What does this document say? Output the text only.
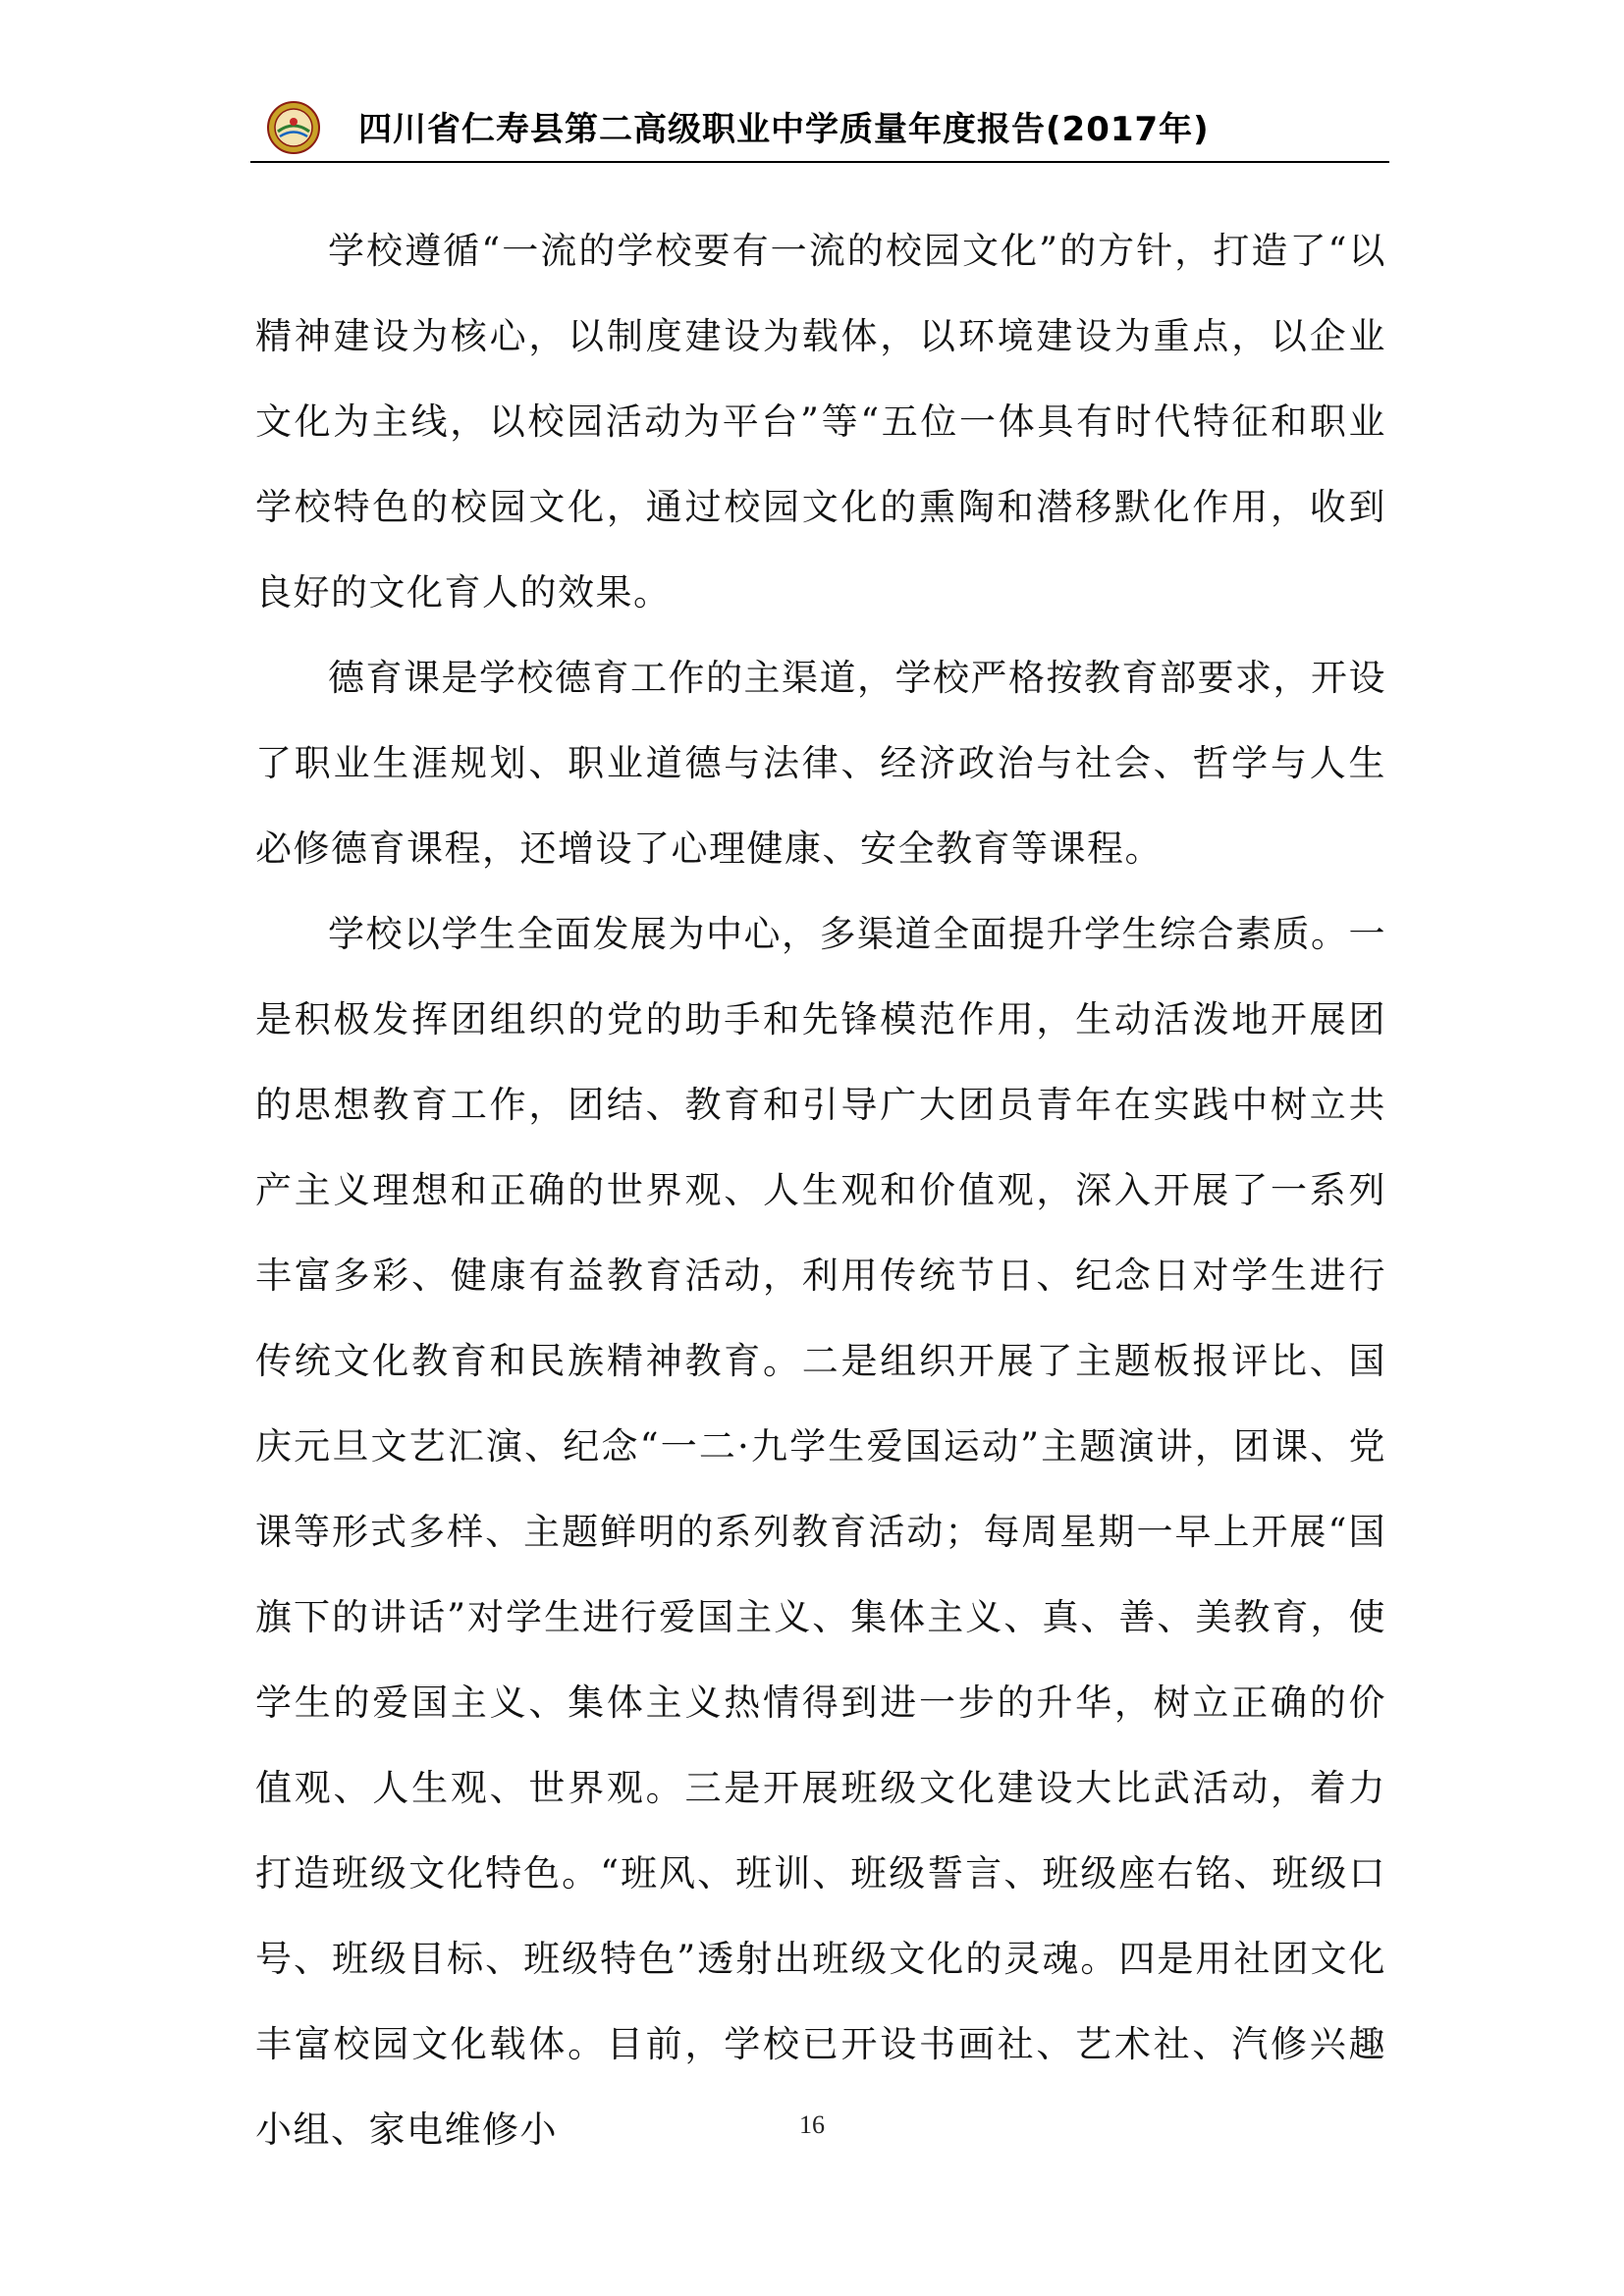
四川省仁寿县第二高级职业中学质量年度报告(2017年)

学校遵循“一流的学校要有一流的校园文化”的方针，打造了“以精神建设为核心，以制度建设为载体，以环境建设为重点，以企业文化为主线，以校园活动为平台”等“五位一体具有时代特征和职业学校特色的校园文化，通过校园文化的熏陶和潜移默化作用，收到良好的文化育人的效果。

德育课是学校德育工作的主渠道，学校严格按教育部要求，开设了职业生涯规划、职业道德与法律、经济政治与社会、哲学与人生必修德育课程，还增设了心理健康、安全教育等课程。

学校以学生全面发展为中心，多渠道全面提升学生综合素质。一是积极发挥团组织的党的助手和先锋模范作用，生动活泼地开展团的思想教育工作，团结、教育和引导广大团员青年在实践中树立共产主义理想和正确的世界观、人生观和价值观，深入开展了一系列丰富多彩、健康有益教育活动，利用传统节日、纪念日对学生进行传统文化教育和民族精神教育。二是组织开展了主题板报评比、国庆元旦文艺汇演、纪念“一二·九学生爱国运动”主题演讲，团课、党课等形式多样、主题鲜明的系列教育活动；每周星期一早上开展“国旗下的讲话”对学生进行爱国主义、集体主义、真、善、美教育，使学生的爱国主义、集体主义热情得到进一步的升华，树立正确的价值观、人生观、世界观。三是开展班级文化建设大比武活动，着力打造班级文化特色。“班风、班训、班级誓言、班级座右铭、班级口号、班级目标、班级特色”透射出班级文化的灵魂。四是用社团文化丰富校园文化载体。目前，学校已开设书画社、艺术社、汽修兴趣小组、家电维修小	16
